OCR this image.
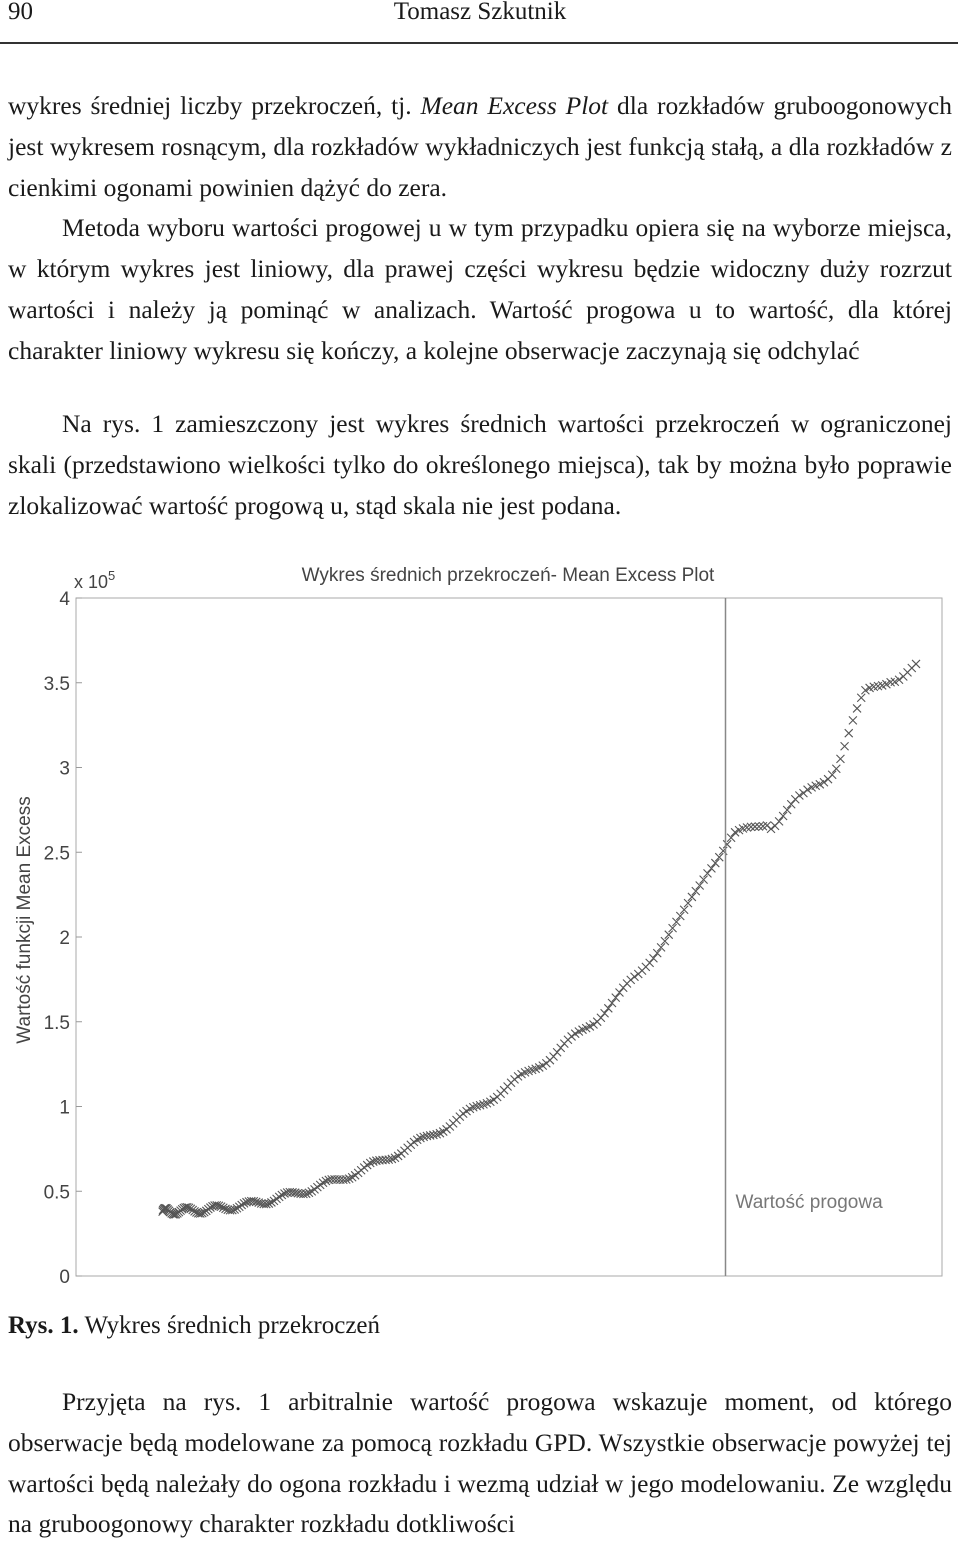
90	Tomasz Szkutnik

wykres średniej liczby przekroczeń, tj. Mean Excess Plot dla rozkładów gruboogonowych jest wykresem rosnącym, dla rozkładów wykładniczych jest funkcją stałą, a dla rozkładów z cienkimi ogonami powinien dążyć do zera.
Metoda wyboru wartości progowej u w tym przypadku opiera się na wyborze miejsca, w którym wykres jest liniowy, dla prawej części wykresu będzie widoczny duży rozrzut wartości i należy ją pominąć w analizach. Wartość progowa u to wartość, dla której charakter liniowy wykresu się kończy, a kolejne obserwacje zaczynają się odchylać

Na rys. 1 zamieszczony jest wykres średnich wartości przekroczeń w ograniczonej skali (przedstawiono wielkości tylko do określonego miejsca), tak by można było poprawie zlokalizować wartość progową u, stąd skala nie jest podana.

Wykres średnich przekroczeń- Mean Excess Plot
x $10^5$
Wartość funkcji Mean Excess
0
0.5
1
1.5
2
2.5
3
3.5
4
Wartość progowa
Rys. 1. Wykres średnich przekroczeń

Przyjęta na rys. 1 arbitralnie wartość progowa wskazuje moment, od którego obserwacje będą modelowane za pomocą rozkładu GPD. Wszystkie obserwacje powyżej tej wartości będą należały do ogona rozkładu i wezmą udział w jego modelowaniu. Ze względu na gruboogonowy charakter rozkładu dotkliwości
